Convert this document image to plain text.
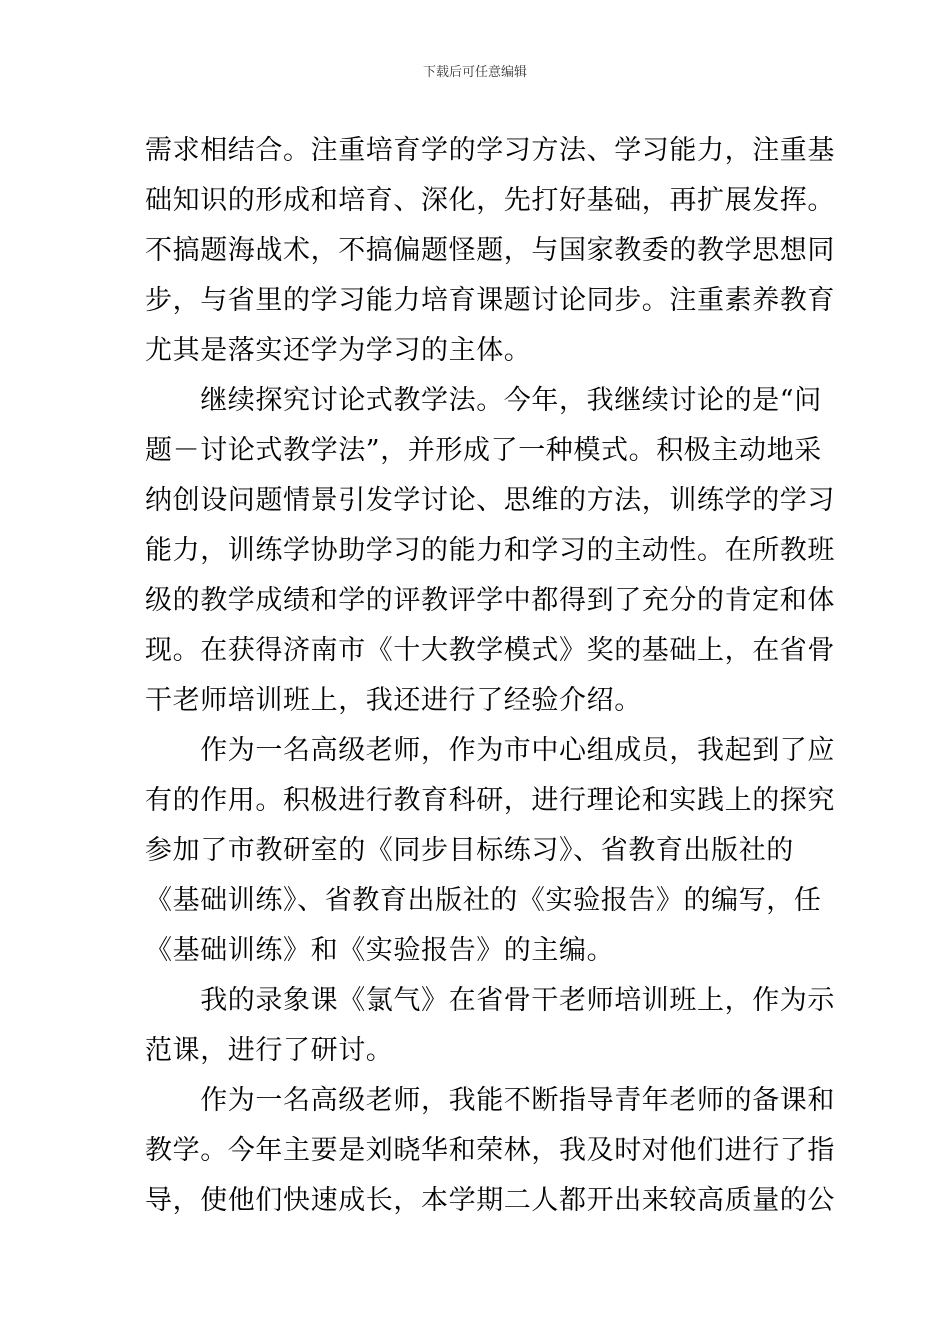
下载后可任意编辑

需求相结合。注重培育学的学习方法、学习能力，注重基
础知识的形成和培育、深化，先打好基础，再扩展发挥。
不搞题海战术，不搞偏题怪题，与国家教委的教学思想同
步，与省里的学习能力培育课题讨论同步。注重素养教育
尤其是落实还学为学习的主体。

　　继续探究讨论式教学法。今年，我继续讨论的是“问
题－讨论式教学法”，并形成了一种模式。积极主动地采
纳创设问题情景引发学讨论、思维的方法，训练学的学习
能力，训练学协助学习的能力和学习的主动性。在所教班
级的教学成绩和学的评教评学中都得到了充分的肯定和体
现。在获得济南市《十大教学模式》奖的基础上，在省骨
干老师培训班上，我还进行了经验介绍。

　　作为一名高级老师，作为市中心组成员，我起到了应
有的作用。积极进行教育科研，进行理论和实践上的探究
参加了市教研室的《同步目标练习》、省教育出版社的
《基础训练》、省教育出版社的《实验报告》的编写，任
《基础训练》和《实验报告》的主编。

　　我的录象课《氯气》在省骨干老师培训班上，作为示
范课，进行了研讨。

　　作为一名高级老师，我能不断指导青年老师的备课和
教学。今年主要是刘晓华和荣林，我及时对他们进行了指
导，使他们快速成长，本学期二人都开出来较高质量的公
